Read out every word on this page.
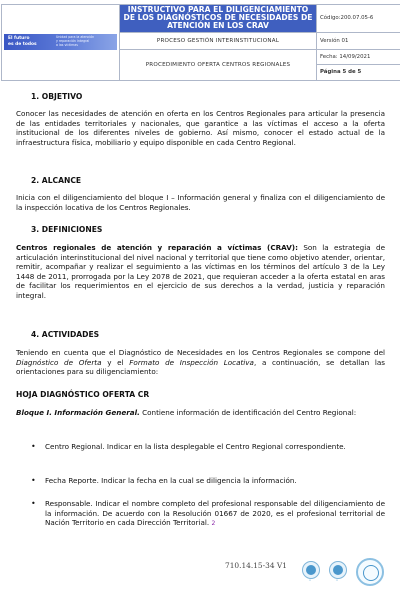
El futuro
es de todos
Unidad para la atención
y reparación integral
a las víctimas	INSTRUCTIVO PARA EL DILIGENCIAMIENTO DE LOS DIAGNÓSTICOS DE NECESIDADES DE ATENCIÓN EN LOS CRAV	Código:200.07.05-6
	PROCESO GESTIÓN INTERINSTITUCIONAL	Versión 01
	PROCEDIMIENTO OFERTA CENTROS REGIONALES	Fecha: 14/09/2021
Página 5 de 5
1. OBJETIVO
Conocer las necesidades de atención en oferta en los Centros Regionales para articular la presencia de las entidades territoriales y nacionales, que garantice a las víctimas el acceso a la oferta institucional de los diferentes niveles de gobierno. Así mismo, conocer el estado actual de la infraestructura física, mobiliario y equipo disponible en cada Centro Regional.
2. ALCANCE
Inicia con el diligenciamiento del bloque I – Información general y finaliza con el diligenciamiento de la inspección locativa de los Centros Regionales.
3. DEFINICIONES
Centros regionales de atención y reparación a víctimas (CRAV): Son la estrategia de articulación interinstitucional del nivel nacional y territorial que tiene como objetivo atender, orientar, remitir, acompañar y realizar el seguimiento a las víctimas en los términos del artículo 3 de la Ley 1448 de 2011, prorrogada por la Ley 2078 de 2021, que requieran acceder a la oferta estatal en aras de facilitar los requerimientos en el ejercicio de sus derechos a la verdad, justicia y reparación integral.
4. ACTIVIDADES
Teniendo en cuenta que el Diagnóstico de Necesidades en los Centros Regionales se compone del Diagnóstico de Oferta y el Formato de Inspección Locativa, a continuación, se detallan las orientaciones para su diligenciamiento:
HOJA DIAGNÓSTICO OFERTA CR
Bloque I. Información General. Contiene información de identificación del Centro Regional:
• Centro Regional. Indicar en la lista desplegable el Centro Regional correspondiente.
• Fecha Reporte. Indicar la fecha en la cual se diligencia la información.
• Responsable. Indicar el nombre completo del profesional responsable del diligenciamiento de la información. De acuerdo con la Resolución 01667 de 2020, es el profesional territorial de Nación Territorio en cada Dirección Territorial. 2
710.14.15-34 V1
▭	▭
